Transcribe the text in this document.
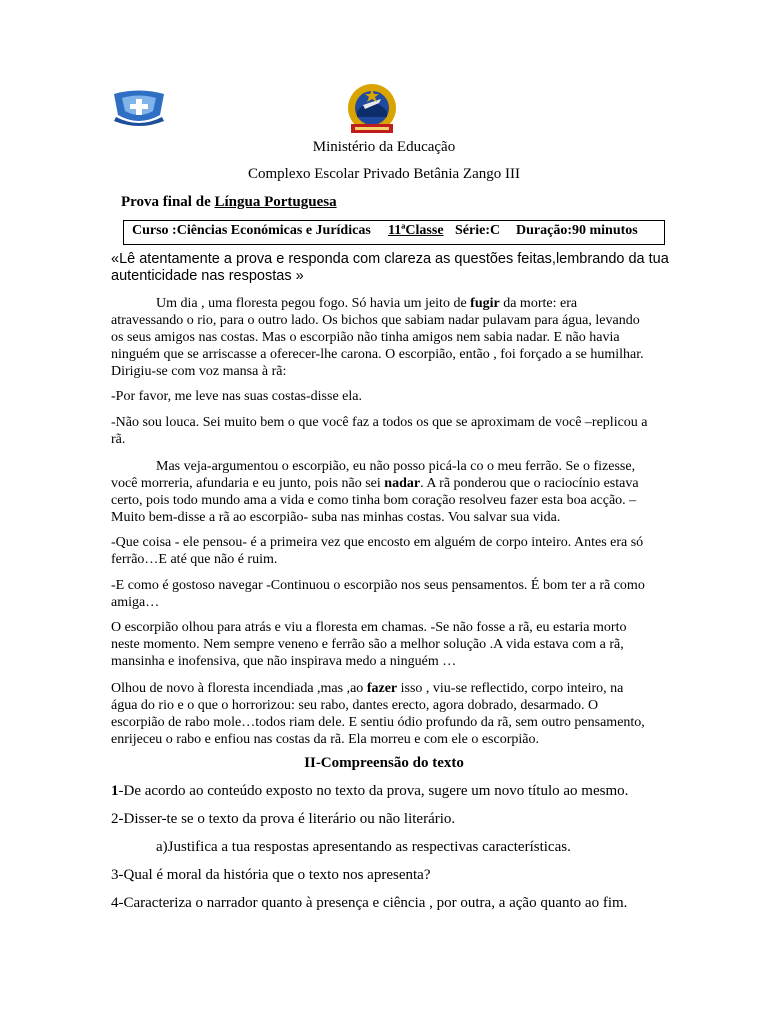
Ministério da Educação
Complexo Escolar Privado Betânia Zango III
Prova final de Língua Portuguesa
Curso :Ciências Económicas e Jurídicas 11ªClasse Série:C Duração:90 minutos
«Lê atentamente a prova e responda com clareza as questões feitas,lembrando da tua
autenticidade nas respostas »
Um dia , uma floresta pegou fogo. Só havia um jeito de fugir da morte: era
atravessando o rio, para o outro lado. Os bichos que sabiam nadar pulavam para água, levando
os seus amigos nas costas. Mas o escorpião não tinha amigos nem sabia nadar. E não havia
ninguém que se arriscasse a oferecer-lhe carona. O escorpião, então , foi forçado a se humilhar.
Dirigiu-se com voz mansa à rã:
-Por favor, me leve nas suas costas-disse ela.
-Não sou louca. Sei muito bem o que você faz a todos os que se aproximam de você –replicou a
rã.
Mas veja-argumentou o escorpião, eu não posso picá-la co o meu ferrão. Se o fizesse,
você morreria, afundaria e eu junto, pois não sei nadar. A rã ponderou que o raciocínio estava
certo, pois todo mundo ama a vida e como tinha bom coração resolveu fazer esta boa acção. –
Muito bem-disse a rã ao escorpião- suba nas minhas costas. Vou salvar sua vida.
-Que coisa - ele pensou- é a primeira vez que encosto em alguém de corpo inteiro. Antes era só
ferrão…E até que não é ruim.
-E como é gostoso navegar -Continuou o escorpião nos seus pensamentos. É bom ter a rã como
amiga…
O escorpião olhou para atrás e viu a floresta em chamas. -Se não fosse a rã, eu estaria morto
neste momento. Nem sempre veneno e ferrão são a melhor solução .A vida estava com a rã,
mansinha e inofensiva, que não inspirava medo a ninguém …
Olhou de novo à floresta incendiada ,mas ,ao fazer isso , viu-se reflectido, corpo inteiro, na
água do rio e o que o horrorizou: seu rabo, dantes erecto, agora dobrado, desarmado. O
escorpião de rabo mole…todos riam dele. E sentiu ódio profundo da rã, sem outro pensamento,
enrijeceu o rabo e enfiou nas costas da rã. Ela morreu e com ele o escorpião.
II-Compreensão do texto
1-De acordo ao conteúdo exposto no texto da prova, sugere um novo título ao mesmo.
2-Disser-te se o texto da prova é literário ou não literário.
a)Justifica a tua respostas apresentando as respectivas características.
3-Qual é moral da história que o texto nos apresenta?
4-Caracteriza o narrador quanto à presença e ciência , por outra, a ação quanto ao fim.
